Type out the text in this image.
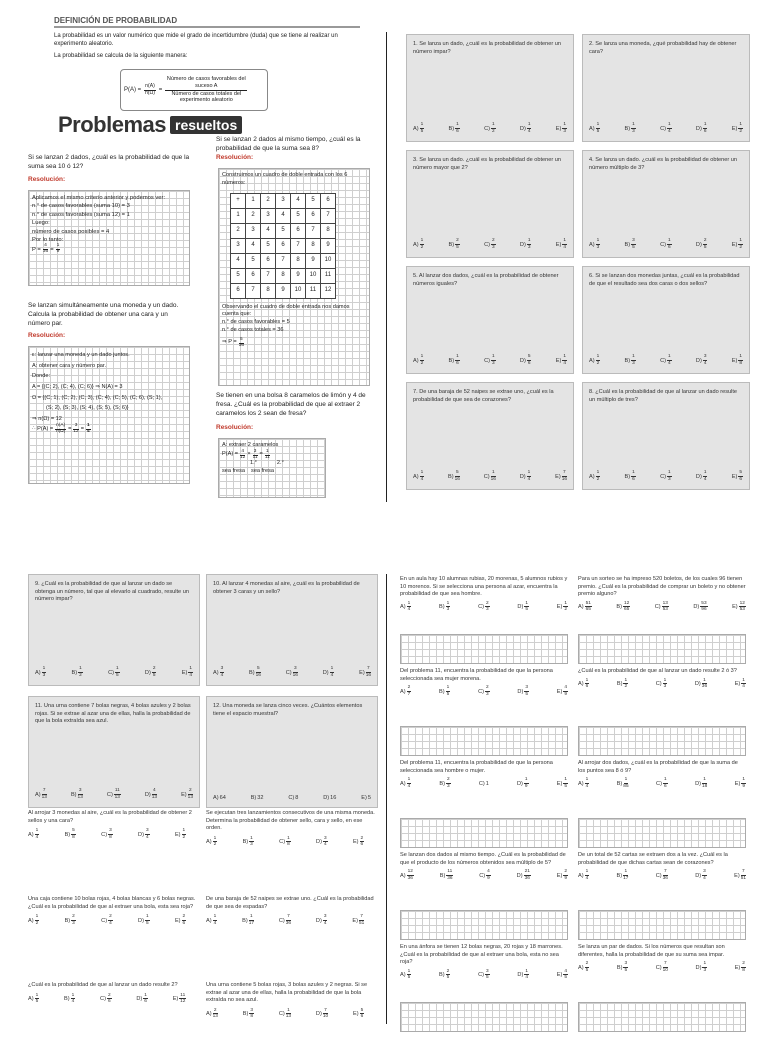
DEFINICIÓN DE PROBABILIDAD
La probabilidad es un valor numérico que mide el grado de incertidumbre (duda) que se tiene al realizar un experimento aleatorio.
La probabilidad se calcula de la siguiente manera:
$P(A) = \frac{n(A)}{n(\Omega)}$ =
Número de casos favorables del suceso A
Número de casos totales del experimento aleatorio
Problemas resueltos
Si se lanzan 2 dados, ¿cuál es la probabilidad de que la suma sea 10 ó 12?
Resolución:
Aplicamos el mismo criterio anterior y podemos ver:
n.° de casos favorables (suma 10) = 3
n.° de casos favorables (suma 12) = 1
Luego:
número de casos posibles = 4
Por lo tanto:
$P = \frac{4}{36}$ =
1
9
Se lanzan simultáneamente una moneda y un dado. Calcula la probabilidad de obtener una cara y un número par.
Resolución:
ε: lanzar una moneda y un dado juntos.
A: obtener cara y número par.
Donde:
A = {(C; 2), (C; 4), (C; 6)} ⇒ N(A) = 3
Ω = {(C; 1), (C; 2), (C; 3), (C; 4), (C; 5), (C; 6), (S; 1),
(S; 2), (S; 3), (S; 4), (S; 5), (S; 6)}
⇒ n(Ω) = 12
∴ $P(A) = \frac{n(A)}{n(\Omega)}$ =
3
12 =
1
4
Si se lanzan 2 dados al mismo tiempo, ¿cuál es la probabilidad de que la suma sea 8?
Resolución:
Construimos un cuadro de doble entrada con los 6 números:
+	1	2	3	4	5	6
1	2	3	4	5	6	7
2	3	4	5	6	7	8
3	4	5	6	7	8	9
4	5	6	7	8	9	10
5	6	7	8	9	10	11
6	7	8	9	10	11	12
Observando el cuadro de doble entrada nos damos cuenta que:
n.° de casos favorables = 5
n.° de casos totales = 36
⇒ $P = \frac{5}{36}$
Se tienen en una bolsa 8 caramelos de limón y 4 de fresa. ¿Cuál es la probabilidad de que al extraer 2 caramelos los 2 sean de fresa?
Resolución:
A: extraer 2 caramelos
$P(A) = \frac{4}{12} \times 3$
11 = 1
11
1.°	2.°
sea fresa sea fresa
1. Se lanza un dado, ¿cuál es la probabilidad de obtener un número impar?
A)
1
5	B)
1
6	C)
1
2	D)
1
4	E)
1
3
2. Se lanza una moneda, ¿qué probabilidad hay de obtener cara?
A)
1
5	B)
1
3	C)
1
4	D)
1
6	E)
1
2
3. Se lanza un dado. ¿cuál es la probabilidad de obtener un número mayor que 2?
A)
1
2	B)
2
5	C)
2
3	D)
1
3	E)
1
4
4. Se lanza un dado. ¿cuál es la probabilidad de obtener un número múltiplo de 3?
A)
1
3	B)
3
5	C)
1
6	D)
2
5	E)
1
2
5. Al lanzar dos dados, ¿cuál es la probabilidad de obtener números iguales?
A)
1
2	B)
1
6	C)
1
3	D)
5
6	E)
1
4
6. Si se lanzan dos monedas juntas, ¿cuál es la probabilidad de que el resultado sea dos caras o dos sellos?
A)
1
2	B)
1
3	C)
1
4	D)
3
4	E)
1
8
7. De una baraja de 52 naipes se extrae uno, ¿cuál es la probabilidad de que sea de corazones?
A)
1
4	B)
5
16	C)
1
16	D)
1
4	E)
7
16
8. ¿Cuál es la probabilidad de que al lanzar un dado resulte un múltiplo de tres?
A)
1
2	B)
1
6	C)
1
3	D)
1
4	E)
5
6
9. ¿Cuál es la probabilidad de que al lanzar un dado se obtenga un número, tal que al elevarlo al cuadrado, resulte un número impar?
A)
1
3	B)
1
2	C)
1
5	D)
2
5	E)
1
4
10. Al lanzar 4 monedas al aire, ¿cuál es la probabilidad de obtener 3 caras y un sello?
A)
3
4	B)
5
16	C)
3
16	D)
1
4	E)
7
16
11. Una urna contiene 7 bolas negras, 4 bolas azules y 2 bolas rojas. Si se extrae al azar una de ellas, halla la probabilidad de que la bola extraída sea azul.
A)
7
13	B)
3
13	C)
11
13	D)
4
13	E)
2
13
12. Una moneda se lanza cinco veces. ¿Cuántos elementos tiene el espacio muestral?
A) 64	B) 32	C) 8	D) 16	E) 5
Al arrojar 3 monedas al aire, ¿cuál es la probabilidad de obtener 2 sellos y una cara?
A)
1
4	B)
5
8	C)
3
8	D)
3
4	E)
1
2
Se ejecutan tres lanzamientos consecutivos de una misma moneda. Determina la probabilidad de obtener sello, cara y sello, en ese orden.
A)
1
2	B)
1
3	C)
1
8	D)
3
4	E)
2
6
Una caja contiene 10 bolas rojas, 4 bolas blancas y 6 bolas negras. ¿Cuál es la probabilidad de que al extraer una bola, esta sea roja?
A)
1
2	B)
2
3	C)
2
4	D)
1
5	E)
2
6
De una baraja de 52 naipes se extrae uno. ¿Cuál es la probabilidad de que sea de espadas?
A)
1
4	B)
1
17	C)
7
36	D)
3
4	E)
7
51
¿Cuál es la probabilidad de que al lanzar un dado resulte 2?
A)
1
5	B)
1
4	C)
2
6	D)
1
6	E)
11
12
Una urna contiene 5 bolas rojas, 3 bolas azules y 2 negras. Si se extrae al azar una de ellas, halla la probabilidad de que la bola extraída no sea azul.
A)
2
13	B)
3
8	C)
1
13	D)
7
10	E)
5
6
En un aula hay 10 alumnas rubias, 20 morenas, 5 alumnos rubios y 10 morenos. Si se selecciona una persona al azar, encuentra la probabilidad de que sea hombre.
A)
1
4	B)
1
3	C)
2
3	D)
1
5	E)
1
2
Para un sorteo se ha impreso 520 boletos, de los cuales 96 tienen premio. ¿Cuál es la probabilidad de comprar un boleto y no obtener premio alguno?
A)
51
65	B)
12
65	C)
13
53	D)
53
96	E)
12
53
Del problema 11, encuentra la probabilidad de que la persona seleccionada sea mujer morena.
A)
2
7	B)
1
5	C)
2
3	D)
3
5	E)
4
9
¿Cuál es la probabilidad de que al lanzar un dado resulte 2 ó 3?
A)
1
6	B)
1
2	C)
1
3	D)
1
36	E)
1
4
Del problema 11, encuentra la probabilidad de que la persona seleccionada sea hombre o mujer.
A)
1
4	B)
2
3	C) 1	D)
1
9	E)
1
5
Al arrojar dos dados, ¿cuál es la probabilidad de que la suma de los puntos sea 8 ó 9?
A)
1
4	B)
1
85	C)
1
6	D)
1
18	E)
1
9
Se lanzan dos dados al mismo tiempo. ¿Cuál es la probabilidad de que el producto de los números obtenidos sea múltiplo de 5?
A)
12
36	B)
11
36	C)
4
9	D)
21
36	E)
2
9
De un total de 52 cartas se extraen dos a la vez. ¿Cuál es la probabilidad de que dichas cartas sean de corazones?
A)
1
4	B)
1
17	C)
7
36	D)
3
4	E)
7
51
En una ánfora se tienen 12 bolas negras, 20 rojas y 18 marrones. ¿Cuál es la probabilidad de que al extraer una bola, esta no sea roja?
A)
1
5	B)
2
5	C)
3
5	D)
1
4	E)
4
5
Se lanza un par de dados. Si los números que resultan son diferentes, halla la probabilidad de que su suma sea impar.
A)
2
5	B)
3
5	C)
7
10	D)
1
3	E)
2
8
